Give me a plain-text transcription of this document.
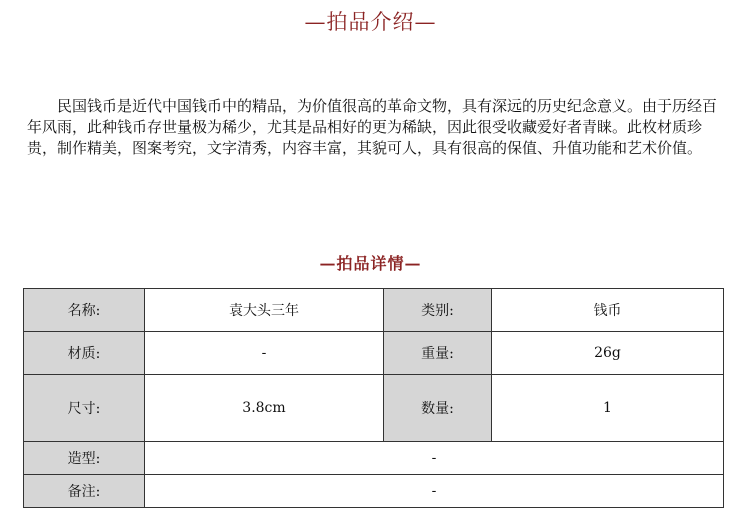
—拍品介绍—

民国钱币是近代中国钱币中的精品，为价值很高的革命文物，具有深远的历史纪念意义。由于历经百年风雨，此种钱币存世量极为稀少，尤其是品相好的更为稀缺，因此很受收藏爱好者青睐。此枚材质珍贵，制作精美，图案考究，文字清秀，内容丰富，其貌可人，具有很高的保值、升值功能和艺术价值。

—拍品详情—
名称:	袁大头三年	类别:	钱币
材质:	-	重量:	26g
尺寸:	3.8cm	数量:	1
造型:	-		
备注:	-		
